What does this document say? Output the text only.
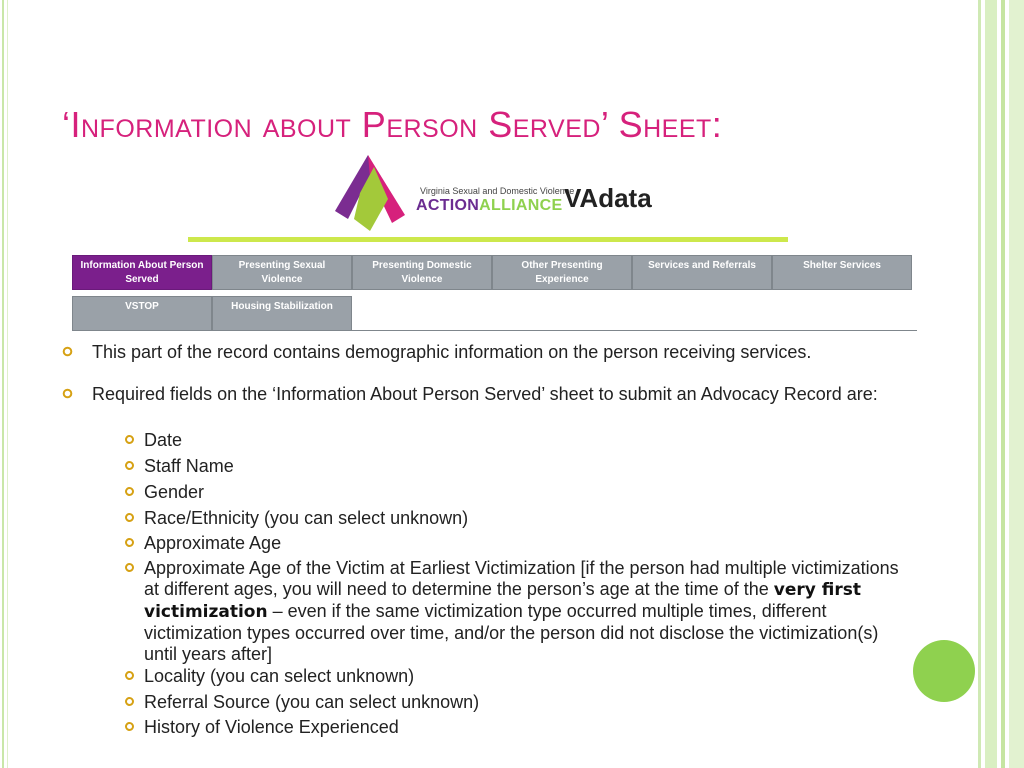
‘Information about Person Served’ Sheet:
Virginia Sexual and Domestic Violence
ACTIONALLIANCE VAdata
Information About Person
Served
Presenting Sexual
Violence
Presenting Domestic
Violence
Other Presenting
Experience
Services and Referrals	Shelter Services
VSTOP	Housing Stabilization
This part of the record contains demographic information on the person receiving services.
Required fields on the ‘Information About Person Served’ sheet to submit an Advocacy Record are:
Date
Staff Name
Gender
Race/Ethnicity (you can select unknown)
Approximate Age
Approximate Age of the Victim at Earliest Victimization [if the person had multiple victimizations at different ages, you will need to determine the person’s age at the time of the very first victimization – even if the same victimization type occurred multiple times, different victimization types occurred over time, and/or the person did not disclose the victimization(s) until years after]
Locality (you can select unknown)
Referral Source (you can select unknown)
History of Violence Experienced
